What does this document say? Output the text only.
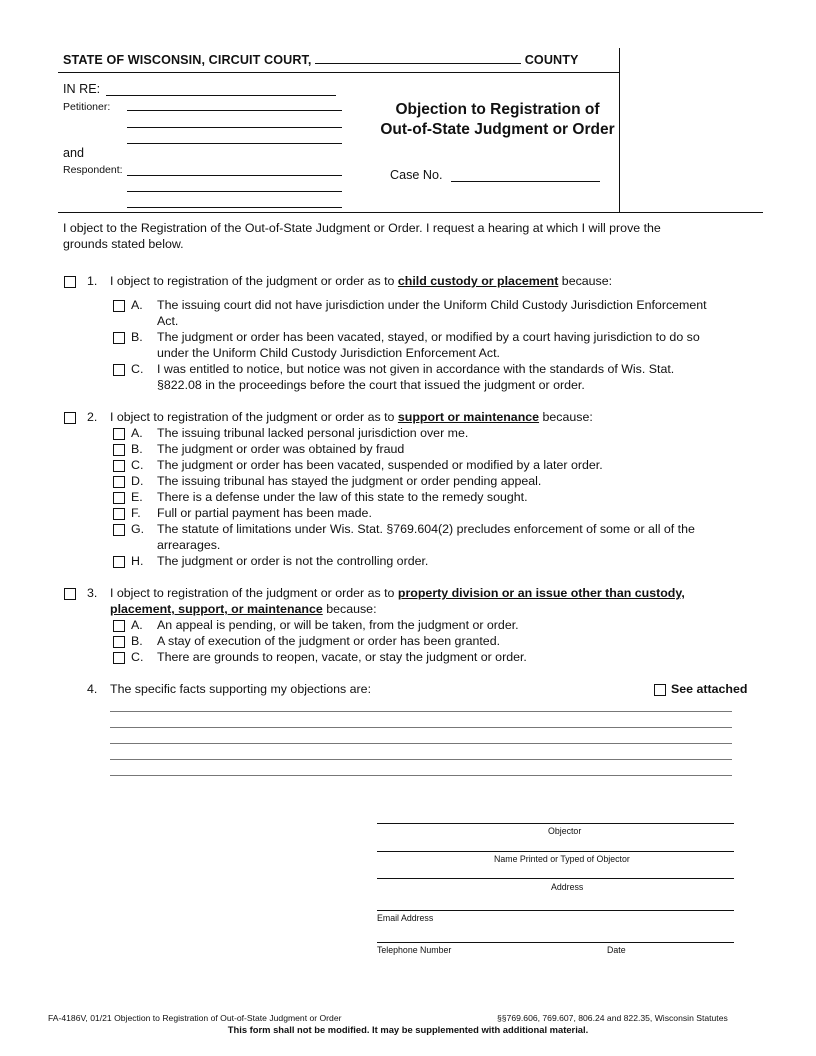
STATE OF WISCONSIN, CIRCUIT COURT,	COUNTY
IN RE:
Petitioner:
and
Respondent:
Objection to Registration of
Out-of-State Judgment or Order
Case No.
I object to the Registration of the Out-of-State Judgment or Order. I request a hearing at which I will prove the
grounds stated below.
1. I object to registration of the judgment or order as to child custody or placement because:
A. The issuing court did not have jurisdiction under the Uniform Child Custody Jurisdiction Enforcement
Act.
B. The judgment or order has been vacated, stayed, or modified by a court having jurisdiction to do so
under the Uniform Child Custody Jurisdiction Enforcement Act.
C. I was entitled to notice, but notice was not given in accordance with the standards of Wis. Stat.
§822.08 in the proceedings before the court that issued the judgment or order.
2. I object to registration of the judgment or order as to support or maintenance because:
A. The issuing tribunal lacked personal jurisdiction over me.
B. The judgment or order was obtained by fraud
C. The judgment or order has been vacated, suspended or modified by a later order.
D. The issuing tribunal has stayed the judgment or order pending appeal.
E. There is a defense under the law of this state to the remedy sought.
F. Full or partial payment has been made.
G. The statute of limitations under Wis. Stat. §769.604(2) precludes enforcement of some or all of the
arrearages.
H. The judgment or order is not the controlling order.
3. I object to registration of the judgment or order as to property division or an issue other than custody,
placement, support, or maintenance because:
A. An appeal is pending, or will be taken, from the judgment or order.
B. A stay of execution of the judgment or order has been granted.
C. There are grounds to reopen, vacate, or stay the judgment or order.
4. The specific facts supporting my objections are:	See attached
Objector
Name Printed or Typed of Objector
Address
Email Address
Telephone Number	Date
FA-4186V, 01/21 Objection to Registration of Out-of-State Judgment or Order	§§769.606, 769.607, 806.24 and 822.35, Wisconsin Statutes
This form shall not be modified. It may be supplemented with additional material.
